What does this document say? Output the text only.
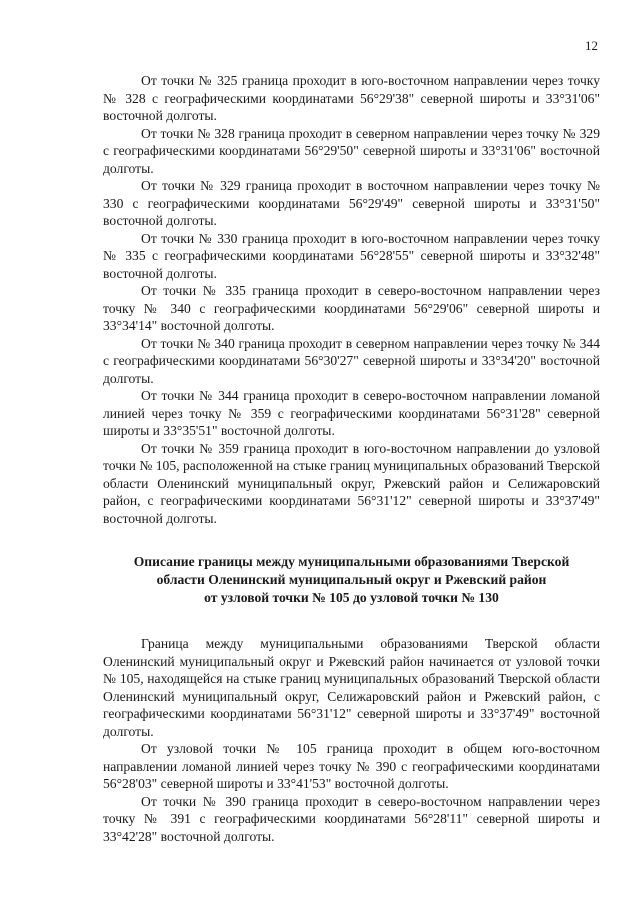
12

От точки № 325 граница проходит в юго-восточном направлении через точку № 328 с географическими координатами 56°29'38" северной широты и 33°31'06" восточной долготы.

От точки № 328 граница проходит в северном направлении через точку № 329 с географическими координатами 56°29'50" северной широты и 33°31'06" восточной долготы.

От точки № 329 граница проходит в восточном направлении через точку № 330 с географическими координатами 56°29'49" северной широты и 33°31'50" восточной долготы.

От точки № 330 граница проходит в юго-восточном направлении через точку № 335 с географическими координатами 56°28'55" северной широты и 33°32'48" восточной долготы.

От точки № 335 граница проходит в северо-восточном направлении через точку № 340 с географическими координатами 56°29'06" северной широты и 33°34'14" восточной долготы.

От точки № 340 граница проходит в северном направлении через точку № 344 с географическими координатами 56°30'27" северной широты и 33°34'20" восточной долготы.

От точки № 344 граница проходит в северо-восточном направлении ломаной линией через точку № 359 с географическими координатами 56°31'28" северной широты и 33°35'51" восточной долготы.

От точки № 359 граница проходит в юго-восточном направлении до узловой точки № 105, расположенной на стыке границ муниципальных образований Тверской области Оленинский муниципальный округ, Ржевский район и Селижаровский район, с географическими координатами 56°31'12" северной широты и 33°37'49" восточной долготы.

Описание границы между муниципальными образованиями Тверской

области Оленинский муниципальный округ и Ржевский район

от узловой точки № 105 до узловой точки № 130

Граница между муниципальными образованиями Тверской области Оленинский муниципальный округ и Ржевский район начинается от узловой точки № 105, находящейся на стыке границ муниципальных образований Тверской области Оленинский муниципальный округ, Селижаровский район и Ржевский район, с географическими координатами 56°31'12" северной широты и 33°37'49" восточной долготы.

От узловой точки № 105 граница проходит в общем юго-восточном направлении ломаной линией через точку № 390 с географическими координатами 56°28'03" северной широты и 33°41'53" восточной долготы.

От точки № 390 граница проходит в северо-восточном направлении через точку № 391 с географическими координатами 56°28'11" северной широты и 33°42'28" восточной долготы.
